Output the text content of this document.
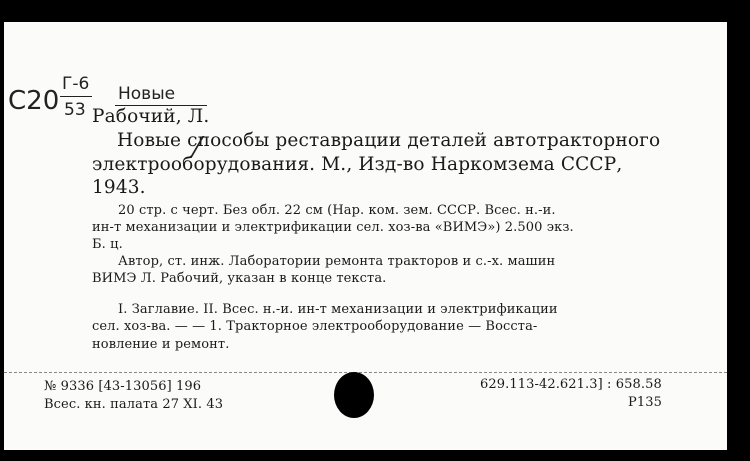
C20
Г-6
53
Новые
Рабочий, Л.
Новые способы реставрации деталей автотракторного
электрооборудования. М., Изд-во Наркомзема СССР,
1943.
20 стр. с черт. Без обл. 22 см (Нар. ком. зем. СССР. Всес. н.-и.
ин-т механизации и электрификации сел. хоз-ва «ВИМЭ») 2.500 экз.
Б. ц.
Автор, ст. инж. Лаборатории ремонта тракторов и с.-х. машин
ВИМЭ Л. Рабочий, указан в конце текста.
I. Заглавие. II. Всес. н.-и. ин-т механизации и электрификации
сел. хоз-ва. — — 1. Тракторное электрооборудование — Восста-
новление и ремонт.
№ 9336 [43-13056] 196
Всес. кн. палата 27 XI. 43
629.113-42.621.3] : 658.58
Р135
